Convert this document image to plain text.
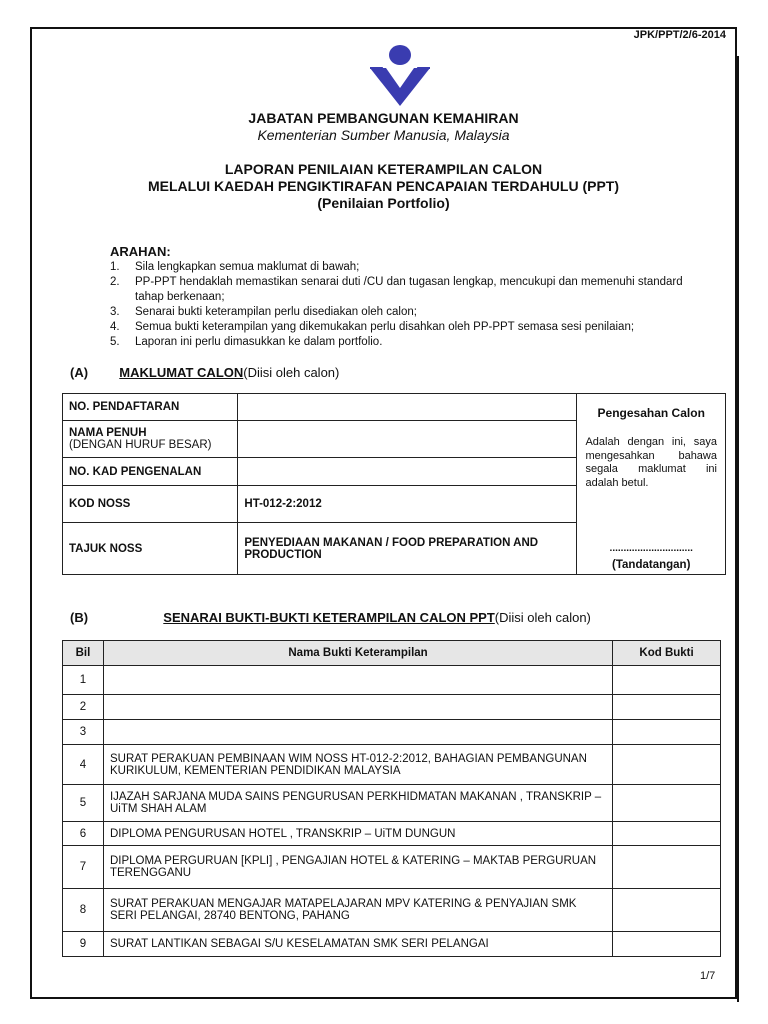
JPK/PPT/2/6-2014
JABATAN PEMBANGUNAN KEMAHIRAN
Kementerian Sumber Manusia, Malaysia
LAPORAN PENILAIAN KETERAMPILAN CALON
MELALUI KAEDAH PENGIKTIRAFAN PENCAPAIAN TERDAHULU (PPT)
(Penilaian Portfolio)
ARAHAN:
1.	Sila lengkapkan semua maklumat di bawah;
2.	PP-PPT hendaklah memastikan senarai duti /CU dan tugasan lengkap, mencukupi dan memenuhi standard tahap berkenaan;
3.	Senarai bukti keterampilan perlu disediakan oleh calon;
4.	Semua bukti keterampilan yang dikemukakan perlu disahkan oleh PP-PPT semasa sesi penilaian;
5.	Laporan ini perlu dimasukkan ke dalam portfolio.
(A) MAKLUMAT CALON(Diisi oleh calon)
NO. PENDAFTARAN		Pengesahan Calon
Adalah dengan ini, saya mengesahkan bahawa segala maklumat ini adalah betul.
..............................
(Tandatangan)

NAMA PENUH
(DENGAN HURUF BESAR)		

NO. KAD PENGENALAN		
KOD NOSS	HT-012-2:2012	
TAJUK NOSS	PENYEDIAAN MAKANAN / FOOD PREPARATION AND PRODUCTION	
(B)	SENARAI BUKTI-BUKTI KETERAMPILAN CALON PPT(Diisi oleh calon)
Bil	Nama Bukti Keterampilan	Kod Bukti
1		
2		
3		
4	SURAT PERAKUAN PEMBINAAN WIM NOSS HT-012-2:2012, BAHAGIAN PEMBANGUNAN KURIKULUM, KEMENTERIAN PENDIDIKAN MALAYSIA	
5	IJAZAH SARJANA MUDA SAINS PENGURUSAN PERKHIDMATAN MAKANAN , TRANSKRIP – UiTM SHAH ALAM	
6	DIPLOMA PENGURUSAN HOTEL , TRANSKRIP – UiTM DUNGUN	
7	DIPLOMA PERGURUAN [KPLI] , PENGAJIAN HOTEL & KATERING – MAKTAB PERGURUAN TERENGGANU	
8	SURAT PERAKUAN MENGAJAR MATAPELAJARAN MPV KATERING & PENYAJIAN SMK SERI PELANGAI, 28740 BENTONG, PAHANG	
9	SURAT LANTIKAN SEBAGAI S/U KESELAMATAN SMK SERI PELANGAI	
1/7
